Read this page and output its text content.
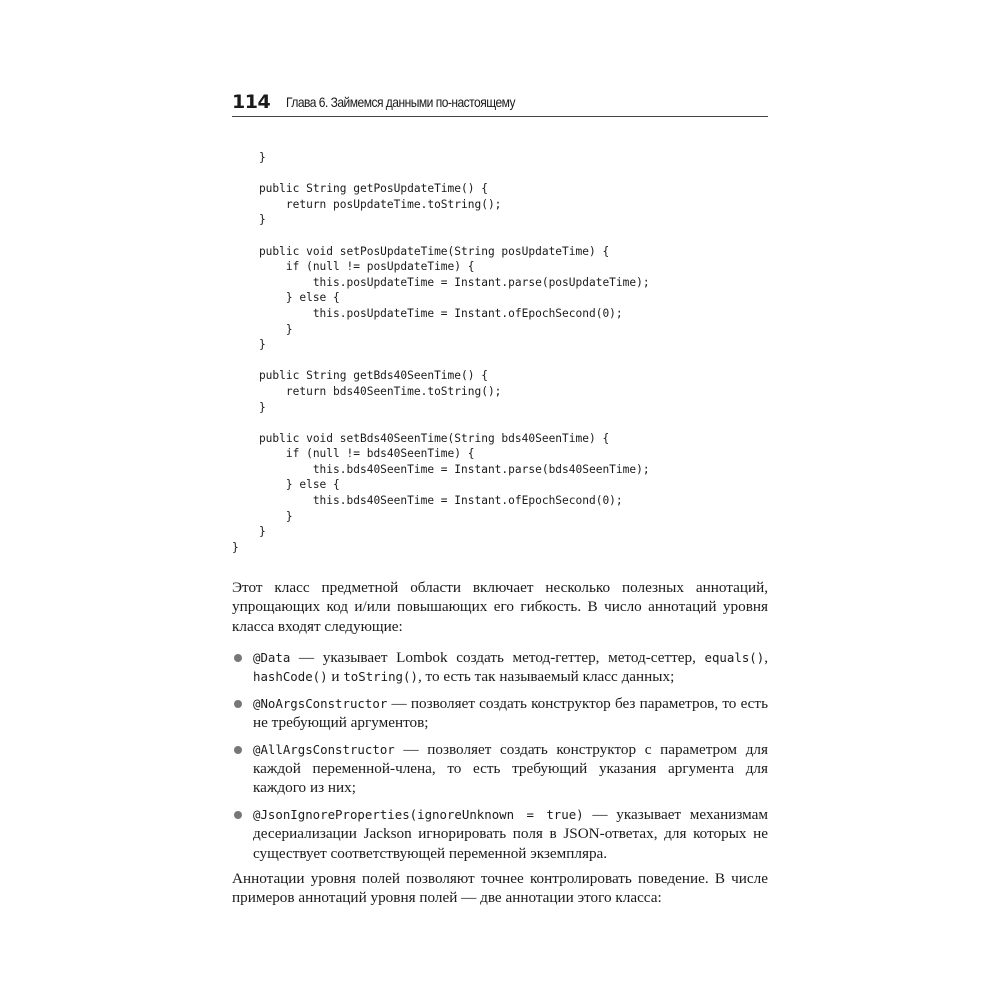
114 Глава 6. Займемся данными по-настоящему
}
public String getPosUpdateTime() {
return posUpdateTime.toString();
}
public void setPosUpdateTime(String posUpdateTime) {
if (null != posUpdateTime) {
this.posUpdateTime = Instant.parse(posUpdateTime);
} else {
this.posUpdateTime = Instant.ofEpochSecond(0);
}
}
public String getBds40SeenTime() {
return bds40SeenTime.toString();
}
public void setBds40SeenTime(String bds40SeenTime) {
if (null != bds40SeenTime) {
this.bds40SeenTime = Instant.parse(bds40SeenTime);
} else {
this.bds40SeenTime = Instant.ofEpochSecond(0);
}
}
}

Этот класс предметной области включает несколько полезных аннотаций, упрощающих код и/или повышающих его гибкость. В число аннотаций уровня класса входят следующие:

@Data — указывает Lombok создать метод-геттер, метод-сеттер, equals(), hashCode() и toString(), то есть так называемый класс данных;
@NoArgsConstructor — позволяет создать конструктор без параметров, то есть не требующий аргументов;
@AllArgsConstructor — позволяет создать конструктор с параметром для каждой переменной-члена, то есть требующий указания аргумента для каждого из них;
@JsonIgnoreProperties(ignoreUnknown = true) — указывает механизмам десериализации Jackson игнорировать поля в JSON-ответах, для которых не существует соответствующей переменной экземпляра.

Аннотации уровня полей позволяют точнее контролировать поведение. В числе примеров аннотаций уровня полей — две аннотации этого класса:
